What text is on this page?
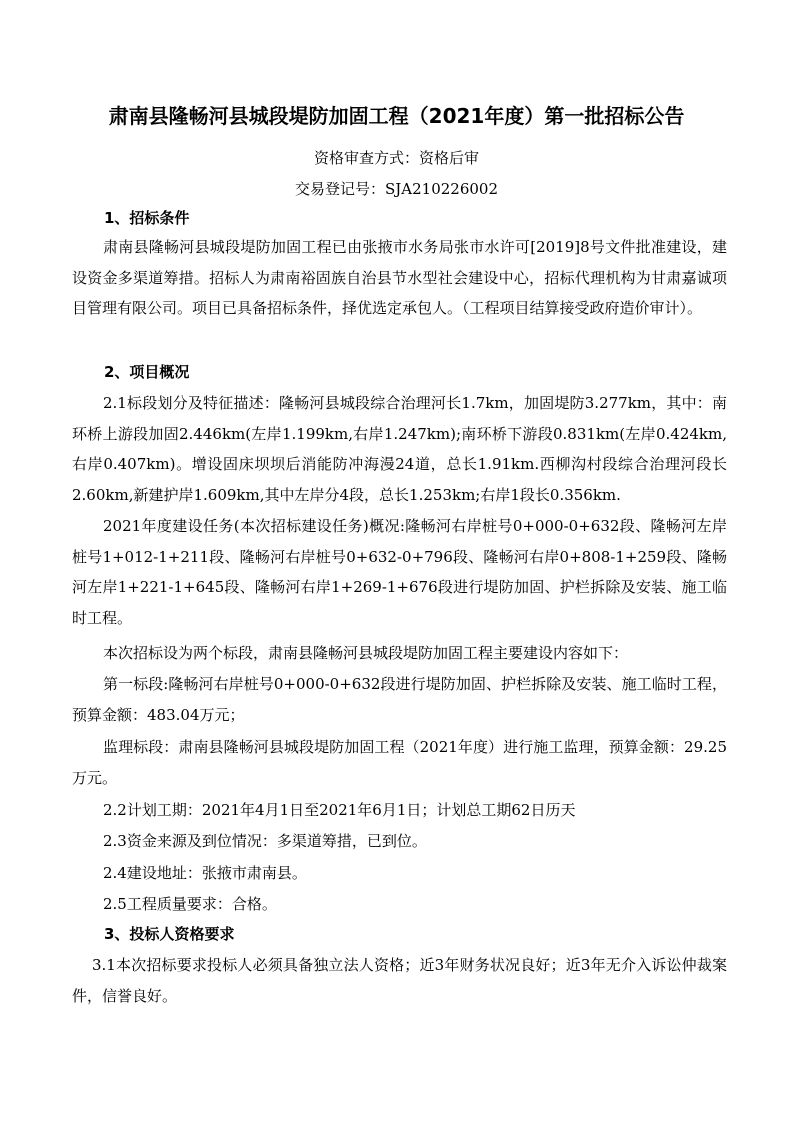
肃南县隆畅河县城段堤防加固工程（2021年度）第一批招标公告
资格审查方式：资格后审
交易登记号：SJA210226002
1、招标条件
肃南县隆畅河县城段堤防加固工程已由张掖市水务局张市水许可[2019]8号文件批准建设，建设资金多渠道筹措。招标人为肃南裕固族自治县节水型社会建设中心，招标代理机构为甘肃嘉诚项目管理有限公司。项目已具备招标条件，择优选定承包人。（工程项目结算接受政府造价审计）。
2、项目概况
2.1标段划分及特征描述：隆畅河县城段综合治理河长1.7km，加固堤防3.277km，其中：南环桥上游段加固2.446km(左岸1.199km,右岸1.247km);南环桥下游段0.831km(左岸0.424km,右岸0.407km)。增设固床坝坝后消能防冲海漫24道，总长1.91km.西柳沟村段综合治理河段长2.60km,新建护岸1.609km,其中左岸分4段，总长1.253km;右岸1段长0.356km.
2021年度建设任务(本次招标建设任务)概况:隆畅河右岸桩号0+000-0+632段、隆畅河左岸桩号1+012-1+211段、隆畅河右岸桩号0+632-0+796段、隆畅河右岸0+808-1+259段、隆畅河左岸1+221-1+645段、隆畅河右岸1+269-1+676段进行堤防加固、护栏拆除及安装、施工临时工程。
本次招标设为两个标段，肃南县隆畅河县城段堤防加固工程主要建设内容如下：
第一标段:隆畅河右岸桩号0+000-0+632段进行堤防加固、护栏拆除及安装、施工临时工程，预算金额：483.04万元；
监理标段：肃南县隆畅河县城段堤防加固工程（2021年度）进行施工监理，预算金额：29.25万元。
2.2计划工期：2021年4月1日至2021年6月1日；计划总工期62日历天
2.3资金来源及到位情况：多渠道筹措，已到位。
2.4建设地址：张掖市肃南县。
2.5工程质量要求：合格。
3、投标人资格要求
3.1本次招标要求投标人必须具备独立法人资格；近3年财务状况良好；近3年无介入诉讼仲裁案件，信誉良好。
